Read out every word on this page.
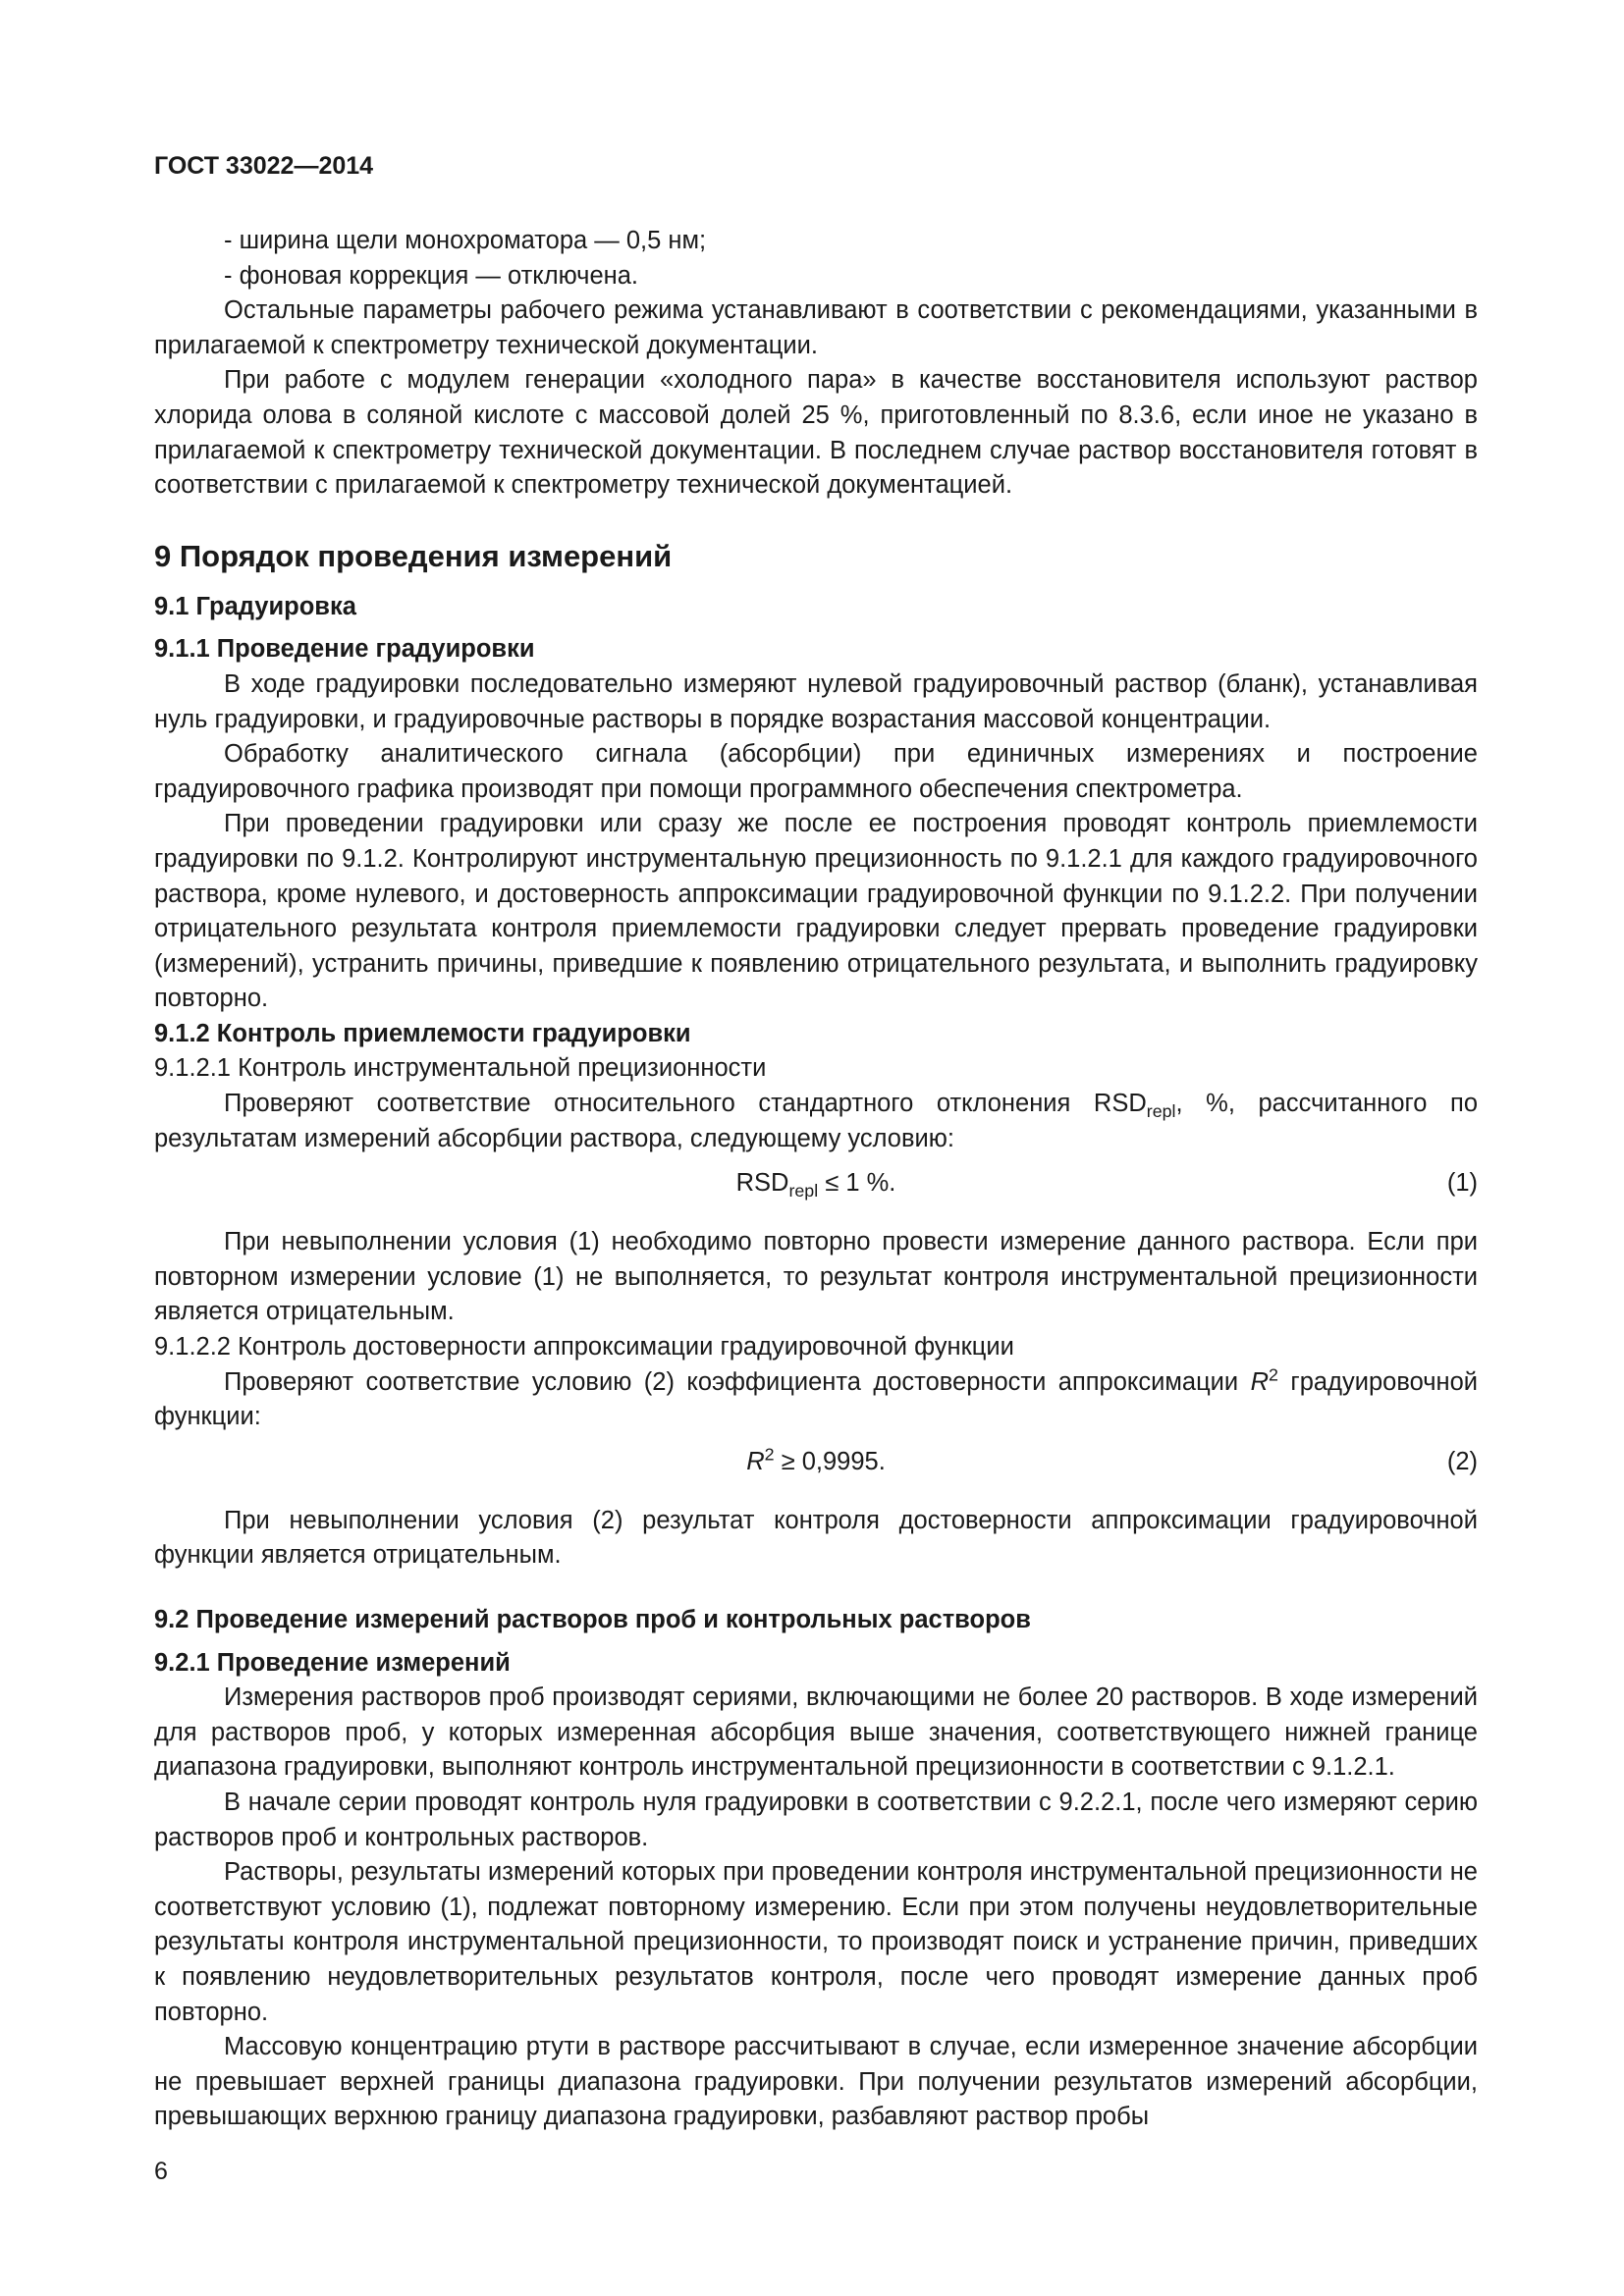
ГОСТ 33022—2014

- ширина щели монохроматора — 0,5 нм;

- фоновая коррекция — отключена.

Остальные параметры рабочего режима устанавливают в соответствии с рекомендациями, указанными в прилагаемой к спектрометру технической документации.

При работе с модулем генерации «холодного пара» в качестве восстановителя используют раствор хлорида олова в соляной кислоте с массовой долей 25 %, приготовленный по 8.3.6, если иное не указано в прилагаемой к спектрометру технической документации. В последнем случае раствор восстановителя готовят в соответствии с прилагаемой к спектрометру технической документацией.

9 Порядок проведения измерений

9.1 Градуировка

9.1.1 Проведение градуировки

В ходе градуировки последовательно измеряют нулевой градуировочный раствор (бланк), устанавливая нуль градуировки, и градуировочные растворы в порядке возрастания массовой концентрации.

Обработку аналитического сигнала (абсорбции) при единичных измерениях и построение градуировочного графика производят при помощи программного обеспечения спектрометра.

При проведении градуировки или сразу же после ее построения проводят контроль приемлемости градуировки по 9.1.2. Контролируют инструментальную прецизионность по 9.1.2.1 для каждого градуировочного раствора, кроме нулевого, и достоверность аппроксимации градуировочной функции по 9.1.2.2. При получении отрицательного результата контроля приемлемости градуировки следует прервать проведение градуировки (измерений), устранить причины, приведшие к появлению отрицательного результата, и выполнить градуировку повторно.

9.1.2 Контроль приемлемости градуировки

9.1.2.1 Контроль инструментальной прецизионности

Проверяют соответствие относительного стандартного отклонения $RSD_{repl}$, %, рассчитанного по результатам измерений абсорбции раствора, следующему условию:

$RSD_{repl} \le 1$ %.	(1)

При невыполнении условия (1) необходимо повторно провести измерение данного раствора. Если при повторном измерении условие (1) не выполняется, то результат контроля инструментальной прецизионности является отрицательным.

9.1.2.2 Контроль достоверности аппроксимации градуировочной функции

Проверяют соответствие условию (2) коэффициента достоверности аппроксимации $R^2$ градуировочной функции:

$R^2 \ge 0,9995$.	(2)

При невыполнении условия (2) результат контроля достоверности аппроксимации градуировочной функции является отрицательным.

9.2 Проведение измерений растворов проб и контрольных растворов

9.2.1 Проведение измерений

Измерения растворов проб производят сериями, включающими не более 20 растворов. В ходе измерений для растворов проб, у которых измеренная абсорбция выше значения, соответствующего нижней границе диапазона градуировки, выполняют контроль инструментальной прецизионности в соответствии с 9.1.2.1.

В начале серии проводят контроль нуля градуировки в соответствии с 9.2.2.1, после чего измеряют серию растворов проб и контрольных растворов.

Растворы, результаты измерений которых при проведении контроля инструментальной прецизионности не соответствуют условию (1), подлежат повторному измерению. Если при этом получены неудовлетворительные результаты контроля инструментальной прецизионности, то производят поиск и устранение причин, приведших к появлению неудовлетворительных результатов контроля, после чего проводят измерение данных проб повторно.

Массовую концентрацию ртути в растворе рассчитывают в случае, если измеренное значение абсорбции не превышает верхней границы диапазона градуировки. При получении результатов измерений абсорбции, превышающих верхнюю границу диапазона градуировки, разбавляют раствор пробы

6
